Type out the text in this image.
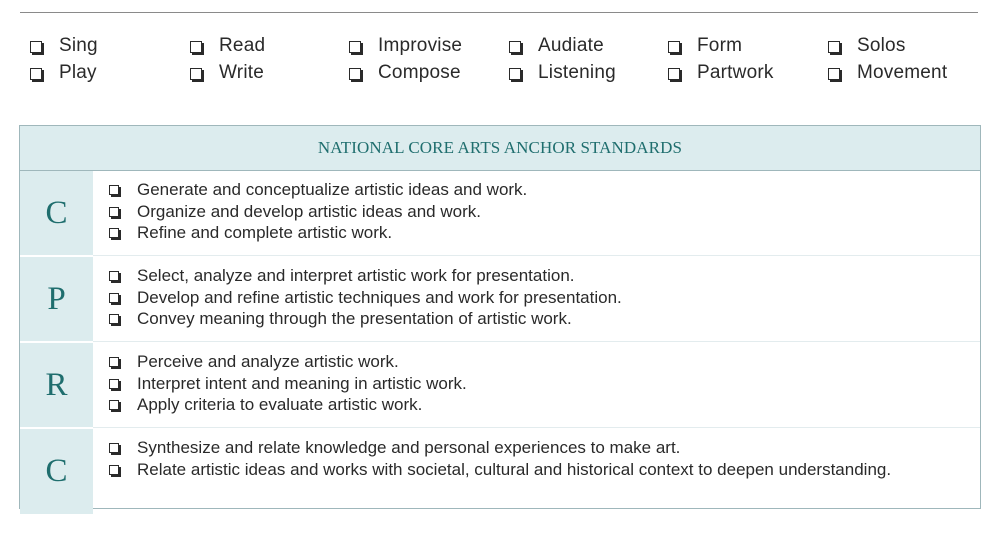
Sing
Play
Read
Write
Improvise
Compose
Audiate
Listening
Form
Partwork
Solos
Movement
NATIONAL CORE ARTS ANCHOR STANDARDS
C
Generate and conceptualize artistic ideas and work.
Organize and develop artistic ideas and work.
Refine and complete artistic work.
P
Select, analyze and interpret artistic work for presentation.
Develop and refine artistic techniques and work for presentation.
Convey meaning through the presentation of artistic work.
R
Perceive and analyze artistic work.
Interpret intent and meaning in artistic work.
Apply criteria to evaluate artistic work.
C
Synthesize and relate knowledge and personal experiences to make art.
Relate artistic ideas and works with societal, cultural and historical context to deepen understanding.
